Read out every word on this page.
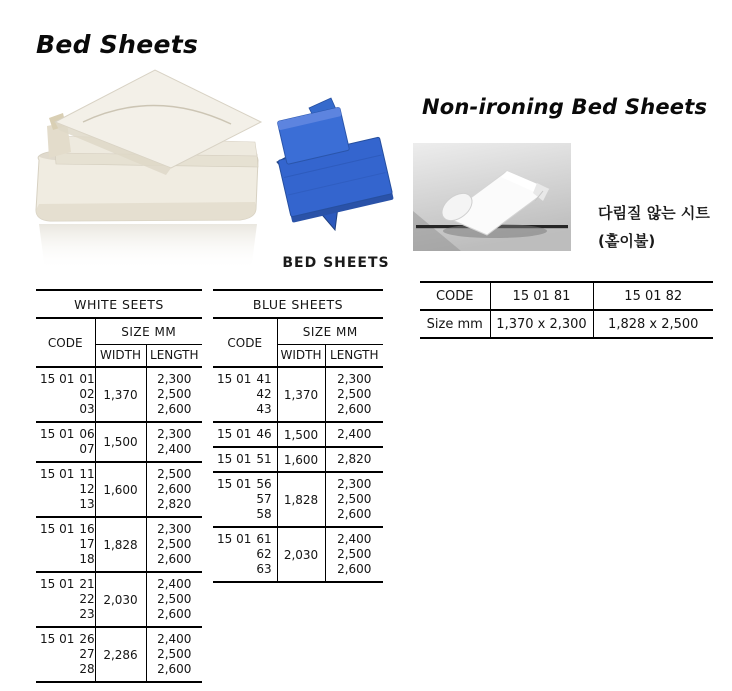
Bed Sheets
BED SHEETS
Non-ironing Bed Sheets
다림질 않는 시트
(홑이불)
CODE	15 01 81	15 01 82
Size mm	1,370 x 2,300	1,828 x 2,500
WHITE SEETS		
CODE	SIZE MM	
	WIDTH	LENGTH
15 01 01
02
03	1,370	2,300
2,500
2,600

15 01 06
07	1,500	2,300
2,400

15 01 11
12
13	1,600	2,500
2,600
2,820

15 01 16
17
18	1,828	2,300
2,500
2,600

15 01 21
22
23	2,030	2,400
2,500
2,600

15 01 26
27
28	2,286	2,400
2,500
2,600
BLUE SHEETS		
CODE	SIZE MM	
	WIDTH	LENGTH
15 01 41
42
43	1,370	2,300
2,500
2,600

15 01 46	1,500	2,400

15 01 51	1,600	2,820

15 01 56
57
58	1,828	2,300
2,500
2,600

15 01 61
62
63	2,030	2,400
2,500
2,600
